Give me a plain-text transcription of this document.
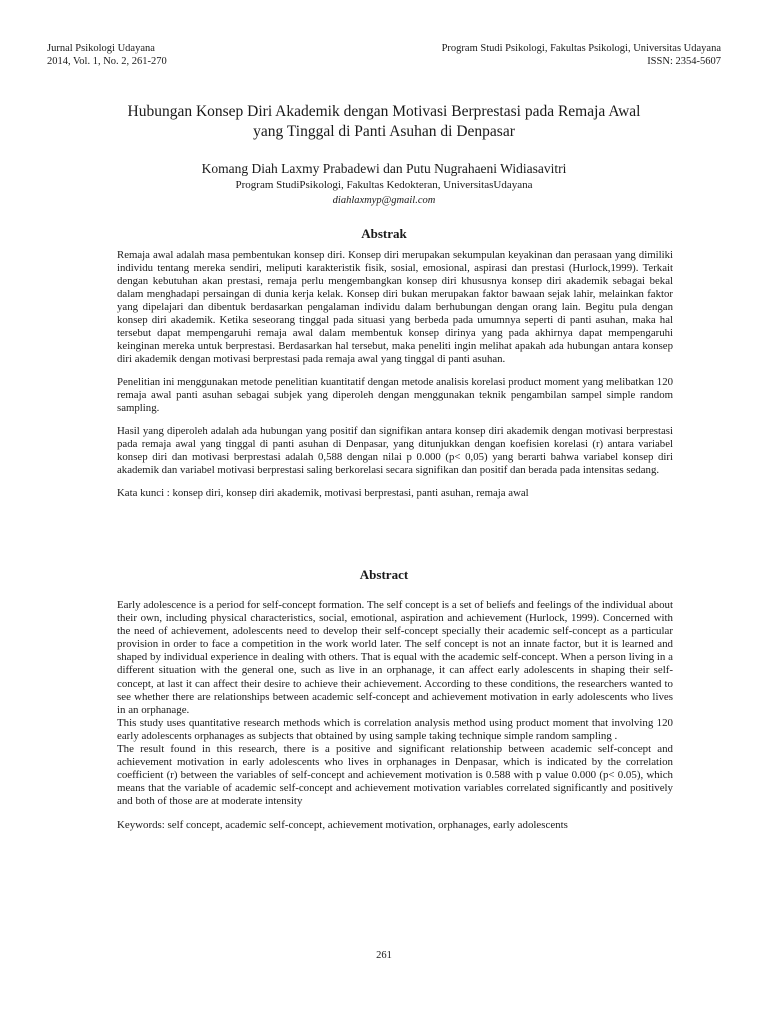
Jurnal Psikologi Udayana
2014, Vol. 1, No. 2, 261-270
Program Studi Psikologi, Fakultas Psikologi, Universitas Udayana
ISSN: 2354-5607
Hubungan Konsep Diri Akademik dengan Motivasi Berprestasi pada Remaja Awal
yang Tinggal di Panti Asuhan di Denpasar
Komang Diah Laxmy Prabadewi dan Putu Nugrahaeni Widiasavitri
Program StudiPsikologi, Fakultas Kedokteran, UniversitasUdayana
diahlaxmyp@gmail.com
Abstrak

Remaja awal adalah masa pembentukan konsep diri. Konsep diri merupakan sekumpulan keyakinan dan perasaan yang dimiliki individu tentang mereka sendiri, meliputi karakteristik fisik, sosial, emosional, aspirasi dan prestasi (Hurlock,1999). Terkait dengan kebutuhan akan prestasi, remaja perlu mengembangkan konsep diri khususnya konsep diri akademik sebagai bekal dalam menghadapi persaingan di dunia kerja kelak. Konsep diri bukan merupakan faktor bawaan sejak lahir, melainkan faktor yang dipelajari dan dibentuk berdasarkan pengalaman individu dalam berhubungan dengan orang lain. Begitu pula dengan konsep diri akademik. Ketika seseorang tinggal pada situasi yang berbeda pada umumnya seperti di panti asuhan, maka hal tersebut dapat mempengaruhi remaja awal dalam membentuk konsep dirinya yang pada akhirnya dapat mempengaruhi keinginan mereka untuk berprestasi. Berdasarkan hal tersebut, maka peneliti ingin melihat apakah ada hubungan antara konsep diri akademik dengan motivasi berprestasi pada remaja awal yang tinggal di panti asuhan.

Penelitian ini menggunakan metode penelitian kuantitatif dengan metode analisis korelasi product moment yang melibatkan 120 remaja awal panti asuhan sebagai subjek yang diperoleh dengan menggunakan teknik pengambilan sampel simple random sampling.

Hasil yang diperoleh adalah ada hubungan yang positif dan signifikan antara konsep diri akademik dengan motivasi berprestasi pada remaja awal yang tinggal di panti asuhan di Denpasar, yang ditunjukkan dengan koefisien korelasi (r) antara variabel konsep diri dan motivasi berprestasi adalah 0,588 dengan nilai p 0.000 (p< 0,05) yang berarti bahwa variabel konsep diri akademik dan variabel motivasi berprestasi saling berkorelasi secara signifikan dan positif dan berada pada intensitas sedang.

Kata kunci : konsep diri, konsep diri akademik, motivasi berprestasi, panti asuhan, remaja awal

Abstract

Early adolescence is a period for self-concept formation. The self concept is a set of beliefs and feelings of the individual about their own, including physical characteristics, social, emotional, aspiration and achievement (Hurlock, 1999). Concerned with the need of achievement, adolescents need to develop their self-concept specially their academic self-concept as a particular provision in order to face a competition in the work world later. The self concept is not an innate factor, but it is learned and shaped by individual experience in dealing with others. That is equal with the academic self-concept. When a person living in a different situation with the general one, such as live in an orphanage, it can affect early adolescents in shaping their self-concept, at last it can affect their desire to achieve their achievement. According to these conditions, the researchers wanted to see whether there are relationships between academic self-concept and achievement motivation in early adolescents who lives in an orphanage.

This study uses quantitative research methods which is correlation analysis method using product moment that involving 120 early adolescents orphanages as subjects that obtained by using sample taking technique simple random sampling .

The result found in this research, there is a positive and significant relationship between academic self-concept and achievement motivation in early adolescents who lives in orphanages in Denpasar, which is indicated by the correlation coefficient (r) between the variables of self-concept and achievement motivation is 0.588 with p value 0.000 (p< 0.05), which means that the variable of academic self-concept and achievement motivation variables correlated significantly and positively and both of those are at moderate intensity

Keywords: self concept, academic self-concept, achievement motivation, orphanages, early adolescents

261
